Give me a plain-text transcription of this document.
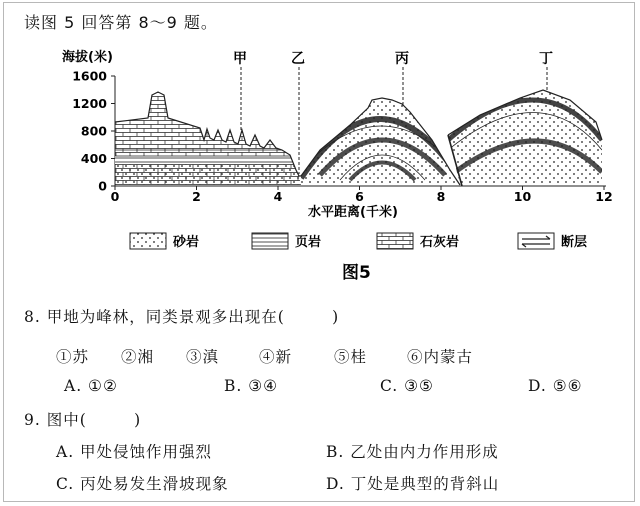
读图 5 回答第 8～9 题。
海拔(米)
水平距离(千米)
1600
1200
800
400
0
0	2	4	6	8	10	12
甲	乙	丙	丁
砂岩	页岩	石灰岩	断层
图5
8. 甲地为峰林，同类景观多出现在(        )
①苏 ②湘 ③滇	④新	⑤桂	⑥内蒙古
A. ①②	B. ③④	C. ③⑤	D. ⑤⑥
9. 图中(        )
A. 甲处侵蚀作用强烈	B. 乙处由内力作用形成
C. 丙处易发生滑坡现象	D. 丁处是典型的背斜山
